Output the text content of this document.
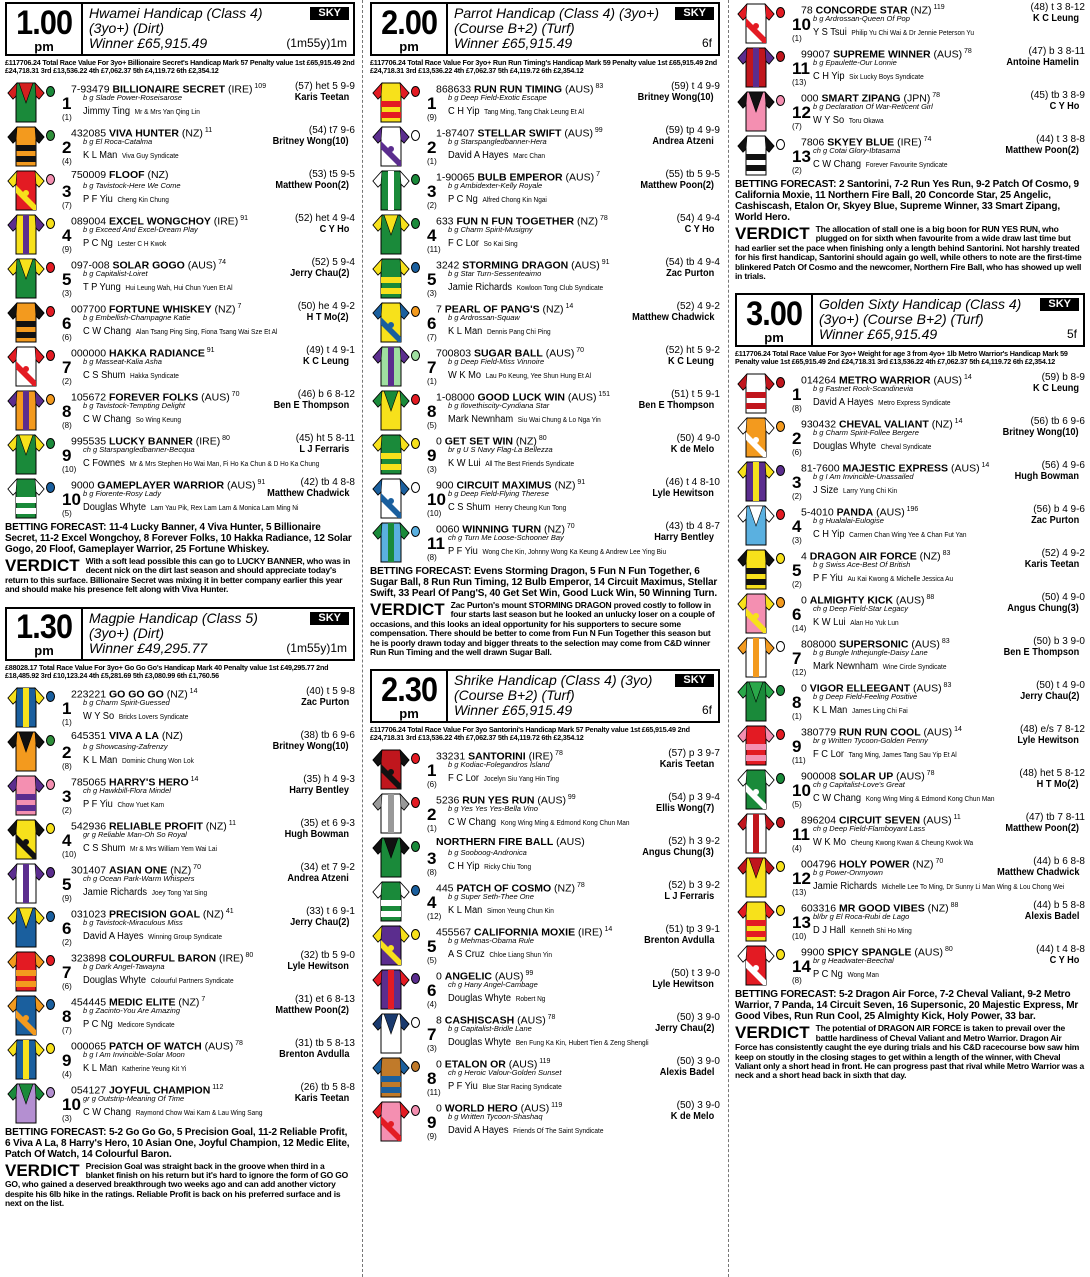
1.00
pm
Hwamei Handicap (Class 4)
(3yo+) (Dirt)
Winner £65,915.49
SKY
(1m55y)1m
£117706.24 Total Race Value For 3yo+ Billionaire Secret's Handicap Mark 57 Penalty value 1st £65,915.49 2nd £24,718.31 3rd £13,536.22 4th £7,062.37 5th £4,119.72 6th £2,354.12
1
(1)
7-93479 BILLIONAIRE SECRET (IRE) $^{109}$	(57) het 5 9-9
b g Slade Power-Roseisarose	Karis Teetan
Jimmy Ting Mr & Mrs Yan Qing Lin
2
(4)
432085 VIVA HUNTER (NZ) $^{11}$	(54) t7 9-6
b g El Roca-Catalma	Britney Wong(10)
K L Man Viva Guy Syndicate
3
(7)
750009 FLOOF (NZ)	(53) t5 9-5
b g Tavistock-Here We Come	Matthew Poon(2)
P F Yiu Cheng Kin Chung
4
(9)
089004 EXCEL WONGCHOY (IRE) $^{91}$	(52) het 4 9-4
b g Exceed And Excel-Dream Play	C Y Ho
P C Ng Lester C H Kwok
5
(3)
097-008 SOLAR GOGO (AUS) $^{74}$	(52) 5 9-4
b g Capitalist-Loiret	Jerry Chau(2)
T P Yung Hui Leung Wah, Hui Chun Yuen Et Al
6
(6)
007700 FORTUNE WHISKEY (NZ) $^7$	(50) he 4 9-2
b g Embellish-Champagne Katie	H T Mo(2)
C W Chang Alan Tsang Ping Sing, Fiona Tsang Wai Sze Et Al
7
(2)
000000 HAKKA RADIANCE $^{91}$	(49) t 4 9-1
b g Masseat-Kalia Asha	K C Leung
C S Shum Hakka Syndicate
8
(8)
105672 FOREVER FOLKS (AUS) $^{70}$	(46) b 6 8-12
b g Tavistock-Tempting Delight	Ben E Thompson
C W Chang So Wing Keung
9
(10)
995535 LUCKY BANNER (IRE) $^{80}$	(45) ht 5 8-11
ch g Starspangledbanner-Becqua	L J Ferraris
C Fownes Mr & Mrs Stephen Ho Wai Man, Fi Ho Ka Chun & D Ho Ka Chung
10
(5)
9000 GAMEPLAYER WARRIOR (AUS) $^{91}$	(42) tb 4 8-8
b g Fiorente-Rosy Lady	Matthew Chadwick
Douglas Whyte Lam Yau Pik, Rex Lam Lam & Monica Lam Ming Ni
BETTING FORECAST: 11-4 Lucky Banner, 4 Viva Hunter, 5 Billionaire Secret, 11-2 Excel Wongchoy, 8 Forever Folks, 10 Hakka Radiance, 12 Solar Gogo, 20 Floof, Gameplayer Warrior, 25 Fortune Whiskey.
VERDICT With a soft lead possible this can go to LUCKY BANNER, who was in decent nick on the dirt last season and should appreciate today's return to this surface. Billionaire Secret was mixing it in better company earlier this year and should make his presence felt along with Viva Hunter.
1.30
pm
Magpie Handicap (Class 5)
(3yo+) (Dirt)
Winner £49,295.77
SKY
(1m55y)1m
£88028.17 Total Race Value For 3yo+ Go Go Go's Handicap Mark 40 Penalty value 1st £49,295.77 2nd £18,485.92 3rd £10,123.24 4th £5,281.69 5th £3,080.99 6th £1,760.56
1
(1)
223221 GO GO GO (NZ) $^{14}$	(40) t 5 9-8
b g Charm Spirit-Guessed	Zac Purton
W Y So Bricks Lovers Syndicate
2
(8)
645351 VIVA A LA (NZ)	(38) tb 6 9-6
b g Showcasing-Zafrenzy	Britney Wong(10)
K L Man Dominic Chung Won Lok
3
(2)
785065 HARRY'S HERO $^{14}$	(35) h 4 9-3
ch g Hawkbill-Flora Mindel	Harry Bentley
P F Yiu Chow Yuet Kam
4
(10)
542936 RELIABLE PROFIT (NZ) $^{11}$	(35) et 6 9-3
gr g Reliable Man-Oh So Royal	Hugh Bowman
C S Shum Mr & Mrs William Yem Wai Lai
5
(9)
301407 ASIAN ONE (NZ) $^{70}$	(34) et 7 9-2
ch g Ocean Park-Warm Whispers	Andrea Atzeni
Jamie Richards Joey Tong Yat Sing
6
(2)
031023 PRECISION GOAL (NZ) $^{41}$	(33) t 6 9-1
b g Tavistock-Miraculous Miss	Jerry Chau(2)
David A Hayes Winning Group Syndicate
7
(6)
323898 COLOURFUL BARON (IRE) $^{80}$	(32) tb 5 9-0
b g Dark Angel-Tawayna	Lyle Hewitson
Douglas Whyte Colourful Partners Syndicate
8
(7)
454445 MEDIC ELITE (NZ) $^7$	(31) et 6 8-13
b g Zacinto-You Are Amazing	Matthew Poon(2)
P C Ng Medicore Syndicate
9
(4)
000065 PATCH OF WATCH (AUS) $^{78}$	(31) tb 5 8-13
b g I Am Invincible-Solar Moon	Brenton Avdulla
K L Man Katherine Yeung Kit Yi
10
(3)
054127 JOYFUL CHAMPION $^{112}$	(26) tb 5 8-8
gr g Outstrip-Meaning Of Time	Karis Teetan
C W Chang Raymond Chow Wai Kam & Lau Wing Sang
BETTING FORECAST: 5-2 Go Go Go, 5 Precision Goal, 11-2 Reliable Profit, 6 Viva A La, 8 Harry's Hero, 10 Asian One, Joyful Champion, 12 Medic Elite, Patch Of Watch, 14 Colourful Baron.
VERDICT Precision Goal was straight back in the groove when third in a blanket finish on his return but it's hard to ignore the form of GO GO GO, who gained a deserved breakthrough two weeks ago and can add another victory despite his 6lb hike in the ratings. Reliable Profit is back on his preferred surface and is next on the list.
2.00
pm
Parrot Handicap (Class 4) (3yo+)
(Course B+2) (Turf)
Winner £65,915.49
SKY
6f
£117706.24 Total Race Value For 3yo+ Run Run Timing's Handicap Mark 59 Penalty value 1st £65,915.49 2nd £24,718.31 3rd £13,536.22 4th £7,062.37 5th £4,119.72 6th £2,354.12
1
(9)
868633 RUN RUN TIMING (AUS) $^{83}$	(59) t 4 9-9
b g Deep Field-Exotic Escape	Britney Wong(10)
C H Yip Tang Ming, Tang Chak Leung Et Al
2
(1)
1-87407 STELLAR SWIFT (AUS) $^{99}$	(59) tp 4 9-9
b g Starspangledbanner-Hera	Andrea Atzeni
David A Hayes Marc Chan
3
(2)
1-90065 BULB EMPEROR (AUS) $^7$	(55) tb 5 9-5
b g Ambidexter-Kelly Royale	Matthew Poon(2)
P C Ng Alfred Chong Kin Ngai
4
(11)
633 FUN N FUN TOGETHER (NZ) $^{78}$	(54) 4 9-4
b g Charm Spirit-Musigny	C Y Ho
F C Lor So Kai Sing
5
(3)
3242 STORMING DRAGON (AUS) $^{91}$	(54) tb 4 9-4
b g Star Turn-Sessenteaimo	Zac Purton
Jamie Richards Kowloon Tong Club Syndicate
6
(7)
7 PEARL OF PANG'S (NZ) $^{14}$	(52) 4 9-2
b g Ardrossan-Squaw	Matthew Chadwick
K L Man Dennis Pang Chi Ping
7
(1)
700803 SUGAR BALL (AUS) $^{70}$	(52) ht 5 9-2
b g Deep Field-Miss Vinnoire	K C Leung
W K Mo Lau Po Keung, Yee Shun Hung Et Al
8
(5)
1-08000 GOOD LUCK WIN (AUS) $^{151}$	(51) t 5 9-1
b g Ilovethiscity-Cyndiana Star	Ben E Thompson
Mark Newnham Siu Wai Chung & Lo Nga Yin
9
(3)
0 GET SET WIN (NZ) $^{80}$	(50) 4 9-0
br g U S Navy Flag-La Bellezza	K de Melo
K W Lui All The Best Friends Syndicate
10
(10)
900 CIRCUIT MAXIMUS (NZ) $^{91}$	(46) t 4 8-10
b g Deep Field-Flying Therese	Lyle Hewitson
C S Shum Henry Cheung Kun Tong
11
(8)
0060 WINNING TURN (NZ) $^{70}$	(43) tb 4 8-7
ch g Turn Me Loose-Schooner Bay	Harry Bentley
P F Yiu Wong Che Kin, Johnny Wong Ka Keung & Andrew Lee Ying Biu
BETTING FORECAST: Evens Storming Dragon, 5 Fun N Fun Together, 6 Sugar Ball, 8 Run Run Timing, 12 Bulb Emperor, 14 Circuit Maximus, Stellar Swift, 33 Pearl Of Pang'S, 40 Get Set Win, Good Luck Win, 50 Winning Turn.
VERDICT Zac Purton's mount STORMING DRAGON proved costly to follow in four starts last season but he looked an unlucky loser on a couple of occasions, and this looks an ideal opportunity for his supporters to secure some compensation. There should be better to come from Fun N Fun Together this season but he is poorly drawn today and bigger threats to the selection may come from C&D winner Run Run Timing and the well drawn Sugar Ball.
2.30
pm
Shrike Handicap (Class 4) (3yo)
(Course B+2) (Turf)
Winner £65,915.49
SKY
6f
£117706.24 Total Race Value For 3yo Santorini's Handicap Mark 57 Penalty value 1st £65,915.49 2nd £24,718.31 3rd £13,536.22 4th £7,062.37 5th £4,119.72 6th £2,354.12
1
(6)
33231 SANTORINI (IRE) $^{78}$	(57) p 3 9-7
b g Kodiac-Folegandros Island	Karis Teetan
F C Lor Jocelyn Siu Yang Hin Ting
2
(1)
5236 RUN YES RUN (AUS) $^{99}$	(54) p 3 9-4
b g Yes Yes Yes-Bella Vino	Ellis Wong(7)
C W Chang Kong Wing Ming & Edmond Kong Chun Man
3
(8)
NORTHERN FIRE BALL (AUS)	(52) h 3 9-2
b g Sooboog-Andronica	Angus Chung(3)
C H Yip Ricky Chiu Tong
4
(12)
445 PATCH OF COSMO (NZ) $^{78}$	(52) b 3 9-2
b g Super Seth-Thee One	L J Ferraris
K L Man Simon Yeung Chun Kin
5
(5)
455567 CALIFORNIA MOXIE (IRE) $^{14}$	(51) tp 3 9-1
b g Mehmas-Obama Rule	Brenton Avdulla
A S Cruz Chloe Liang Shun Yin
6
(4)
0 ANGELIC (AUS) $^{99}$	(50) t 3 9-0
ch g Hany Angel-Cambage	Lyle Hewitson
Douglas Whyte Robert Ng
7
(3)
8 CASHISCASH (AUS) $^{78}$	(50) 3 9-0
b g Capitalist-Bridle Lane	Jerry Chau(2)
Douglas Whyte Ben Fung Ka Kin, Hubert Tien & Zeng Shengli
8
(11)
0 ETALON OR (AUS) $^{119}$	(50) 3 9-0
ch g Heroic Valour-Golden Sunset	Alexis Badel
P F Yiu Blue Star Racing Syndicate
9
(9)
0 WORLD HERO (AUS) $^{119}$	(50) 3 9-0
b g Written Tycoon-Shashaq	K de Melo
David A Hayes Friends Of The Saint Syndicate
10
(1)
78 CONCORDE STAR (NZ) $^{119}$	(48) t 3 8-12
b g Ardrossan-Queen Of Pop	K C Leung
Y S Tsui Philip Yu Chi Wai & Dr Jennie Peterson Yu
11
(13)
99007 SUPREME WINNER (AUS) $^{78}$	(47) b 3 8-11
b g Epaulette-Our Lonnie	Antoine Hamelin
C H Yip Six Lucky Boys Syndicate
12
(7)
000 SMART ZIPANG (JPN) $^{78}$	(45) tb 3 8-9
b g Declaration Of War-Reticent Girl	C Y Ho
W Y So Toru Okawa
13
(2)
7806 SKYEY BLUE (IRE) $^{74}$	(44) t 3 8-8
ch g Cotai Glory-Ibtasama	Matthew Poon(2)
C W Chang Forever Favourite Syndicate
BETTING FORECAST: 2 Santorini, 7-2 Run Yes Run, 9-2 Patch Of Cosmo, 9 California Moxie, 11 Northern Fire Ball, 20 Concorde Star, 25 Angelic, Cashiscash, Etalon Or, Skyey Blue, Supreme Winner, 33 Smart Zipang, World Hero.
VERDICT The allocation of stall one is a big boon for RUN YES RUN, who plugged on for sixth when favourite from a wide draw last time but had earlier set the pace when finishing only a length behind Santorini. Not harshly treated for his first handicap, Santorini should again go well, while others to note are the first-time blinkered Patch Of Cosmo and the newcomer, Northern Fire Ball, who has showed up well in trials.
3.00
pm
Golden Sixty Handicap (Class 4)
(3yo+) (Course B+2) (Turf)
Winner £65,915.49
SKY
5f
£117706.24 Total Race Value For 3yo+ Weight for age 3 from 4yo+ 1lb Metro Warrior's Handicap Mark 59 Penalty value 1st £65,915.49 2nd £24,718.31 3rd £13,536.22 4th £7,062.37 5th £4,119.72 6th £2,354.12
1
(8)
014264 METRO WARRIOR (AUS) $^{14}$	(59) b 8-9
b g Fastnet Rock-Scandinevia	K C Leung
David A Hayes Metro Express Syndicate
2
(6)
930432 CHEVAL VALIANT (NZ) $^{14}$	(56) tb 6 9-6
b g Charm Spirit-Follee Bergere	Britney Wong(10)
Douglas Whyte Cheval Syndicate
3
(2)
81-7600 MAJESTIC EXPRESS (AUS) $^{14}$	(56) 4 9-6
b g I Am Invincible-Unassailed	Hugh Bowman
J Size Larry Yung Chi Kin
4
(3)
5-4010 PANDA (AUS) $^{196}$	(56) b 4 9-6
b g Hualalai-Eulogise	Zac Purton
C H Yip Carmen Chan Wing Yee & Chan Fut Yan
5
(2)
4 DRAGON AIR FORCE (NZ) $^{83}$	(52) 4 9-2
b g Swiss Ace-Best Of British	Karis Teetan
P F Yiu Au Kai Kwong & Michelle Jessica Au
6
(14)
0 ALMIGHTY KICK (AUS) $^{88}$	(50) 4 9-0
ch g Deep Field-Star Legacy	Angus Chung(3)
K W Lui Alan Ho Yuk Lun
7
(12)
808000 SUPERSONIC (AUS) $^{83}$	(50) b 3 9-0
b g Bungle Inthejungle-Daisy Lane	Ben E Thompson
Mark Newnham Wine Circle Syndicate
8
(1)
0 VIGOR ELLEEGANT (AUS) $^{83}$	(50) t 4 9-0
b g Deep Field-Feeling Positive	Jerry Chau(2)
K L Man James Ling Chi Fai
9
(11)
380779 RUN RUN COOL (AUS) $^{14}$	(48) e/s 7 8-12
br g Written Tycoon-Golden Penny	Lyle Hewitson
F C Lor Tang Ming, James Tang Sau Yip Et Al
10
(5)
900008 SOLAR UP (AUS) $^{78}$	(48) het 5 8-12
ch g Capitalist-Love's Great	H T Mo(2)
C W Chang Kong Wing Ming & Edmond Kong Chun Man
11
(4)
896204 CIRCUIT SEVEN (AUS) $^{11}$	(47) tb 7 8-11
ch g Deep Field-Flamboyant Lass	Matthew Poon(2)
W K Mo Cheung Kwong Kwan & Cheung Kwok Wa
12
(13)
004796 HOLY POWER (NZ) $^{70}$	(44) b 6 8-8
b g Power-Onmyown	Matthew Chadwick
Jamie Richards Michelle Lee To Ming, Dr Sunny Li Man Wing & Lou Chong Wei
13
(10)
603316 MR GOOD VIBES (NZ) $^{88}$	(44) b 5 8-8
bl/br g El Roca-Rubi de Lago	Alexis Badel
D J Hall Kenneth Shi Ho Ming
14
(8)
9900 SPICY SPANGLE (AUS) $^{80}$	(44) t 4 8-8
br g Headwater-Beechal	C Y Ho
P C Ng Wong Man
BETTING FORECAST: 5-2 Dragon Air Force, 7-2 Cheval Valiant, 9-2 Metro Warrior, 7 Panda, 14 Circuit Seven, 16 Supersonic, 20 Majestic Express, Mr Good Vibes, Run Run Cool, 25 Almighty Kick, Holy Power, 33 bar.
VERDICT The potential of DRAGON AIR FORCE is taken to prevail over the battle hardiness of Cheval Valiant and Metro Warrior. Dragon Air Force has consistently caught the eye during trials and his C&D racecourse bow saw him keep on stoutly in the closing stages to get within a length of the winner, with Cheval Valiant only a short head in front. He can progress past that rival while Metro Warrior was a neck and a short head back in sixth that day.
